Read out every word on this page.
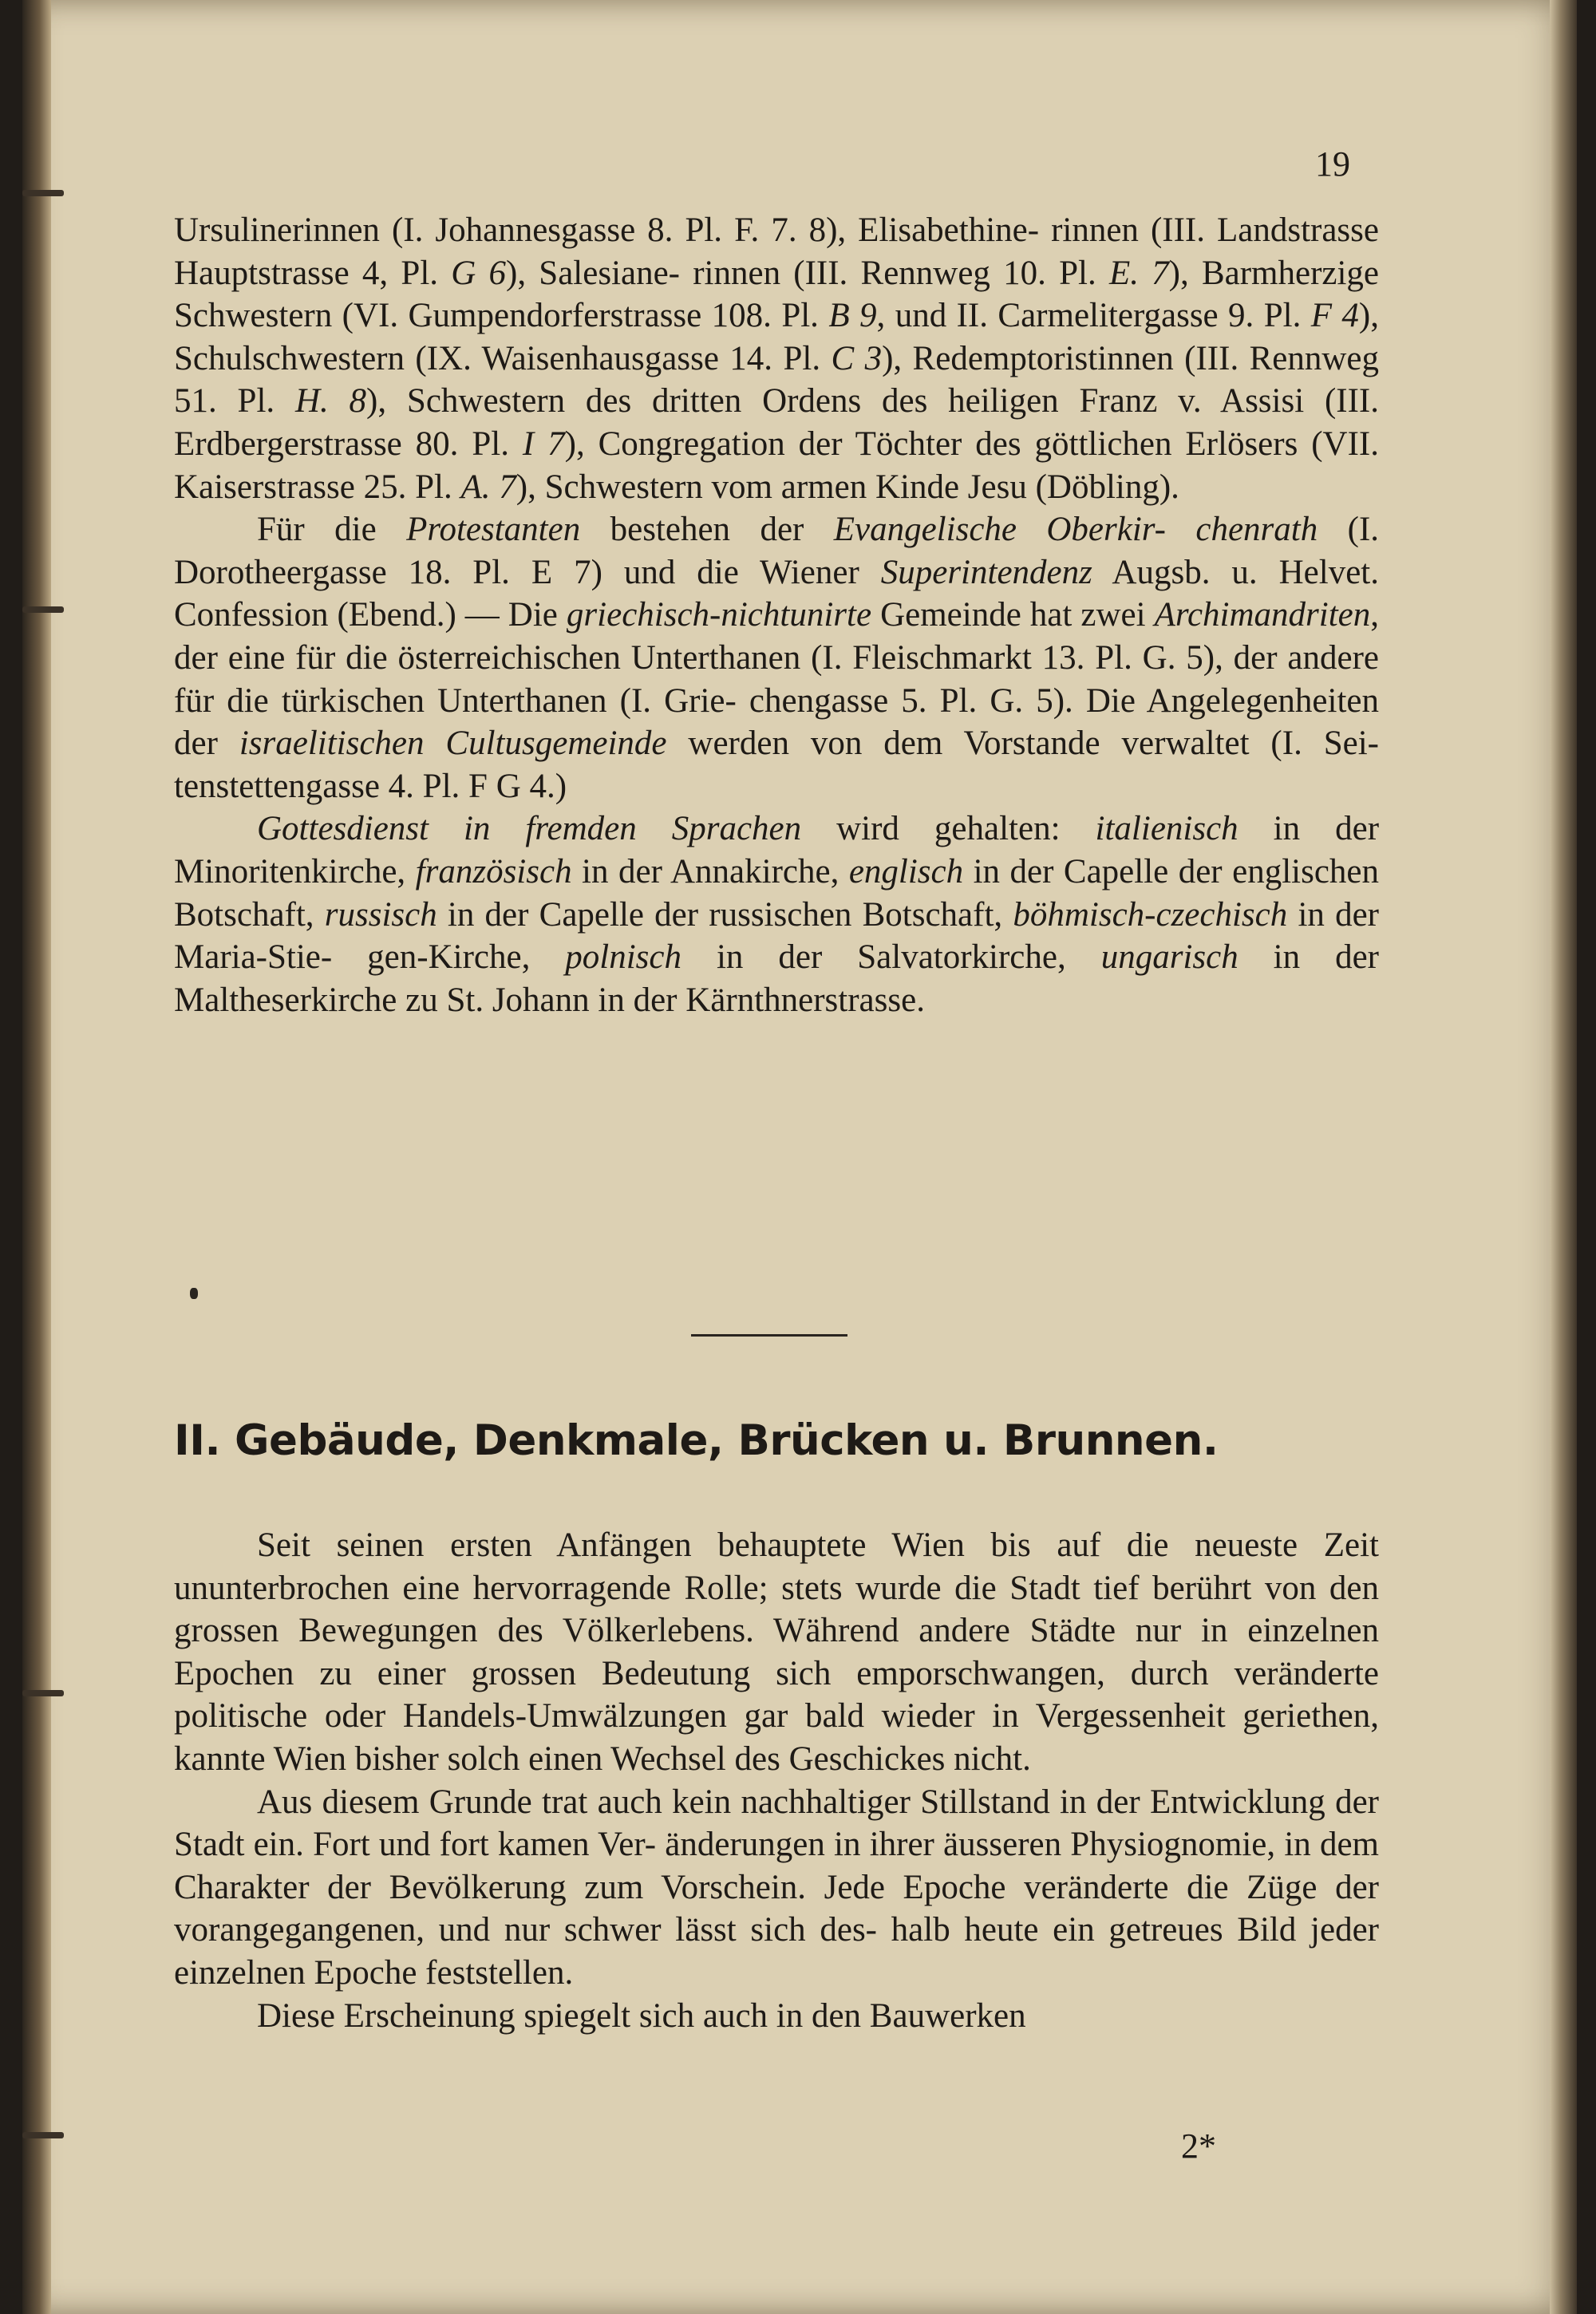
19

Ursulinerinnen (I. Johannesgasse 8. Pl. F. 7. 8), Elisabethine- rinnen (III. Landstrasse Hauptstrasse 4, Pl. G 6), Salesiane- rinnen (III. Rennweg 10. Pl. E. 7), Barmherzige Schwestern (VI. Gumpendorferstrasse 108. Pl. B 9, und II. Carmelitergasse 9. Pl. F 4), Schulschwestern (IX. Waisenhausgasse 14. Pl. C 3), Redemptoristinnen (III. Rennweg 51. Pl. H. 8), Schwestern des dritten Ordens des heiligen Franz v. Assisi (III. Erdbergerstrasse 80. Pl. I 7), Congregation der Töchter des göttlichen Erlösers (VII. Kaiserstrasse 25. Pl. A. 7), Schwestern vom armen Kinde Jesu (Döbling).

Für die Protestanten bestehen der Evangelische Oberkir- chenrath (I. Dorotheergasse 18. Pl. E 7) und die Wiener Superintendenz Augsb. u. Helvet. Confession (Ebend.) — Die griechisch-nichtunirte Gemeinde hat zwei Archimandriten, der eine für die österreichischen Unterthanen (I. Fleischmarkt 13. Pl. G. 5), der andere für die türkischen Unterthanen (I. Grie- chengasse 5. Pl. G. 5). Die Angelegenheiten der israelitischen Cultusgemeinde werden von dem Vorstande verwaltet (I. Sei- tenstettengasse 4. Pl. F G 4.)

Gottesdienst in fremden Sprachen wird gehalten: italienisch in der Minoritenkirche, französisch in der Annakirche, englisch in der Capelle der englischen Botschaft, russisch in der Capelle der russischen Botschaft, böhmisch-czechisch in der Maria-Stie- gen-Kirche, polnisch in der Salvatorkirche, ungarisch in der Maltheserkirche zu St. Johann in der Kärnthnerstrasse.

II. Gebäude, Denkmale, Brücken u. Brunnen.

Seit seinen ersten Anfängen behauptete Wien bis auf die neueste Zeit ununterbrochen eine hervorragende Rolle; stets wurde die Stadt tief berührt von den grossen Bewegungen des Völkerlebens. Während andere Städte nur in einzelnen Epochen zu einer grossen Bedeutung sich emporschwangen, durch veränderte politische oder Handels-Umwälzungen gar bald wieder in Vergessenheit geriethen, kannte Wien bisher solch einen Wechsel des Geschickes nicht.

Aus diesem Grunde trat auch kein nachhaltiger Stillstand in der Entwicklung der Stadt ein. Fort und fort kamen Ver- änderungen in ihrer äusseren Physiognomie, in dem Charakter der Bevölkerung zum Vorschein. Jede Epoche veränderte die Züge der vorangegangenen, und nur schwer lässt sich des- halb heute ein getreues Bild jeder einzelnen Epoche feststellen.

Diese Erscheinung spiegelt sich auch in den Bauwerken

2*
